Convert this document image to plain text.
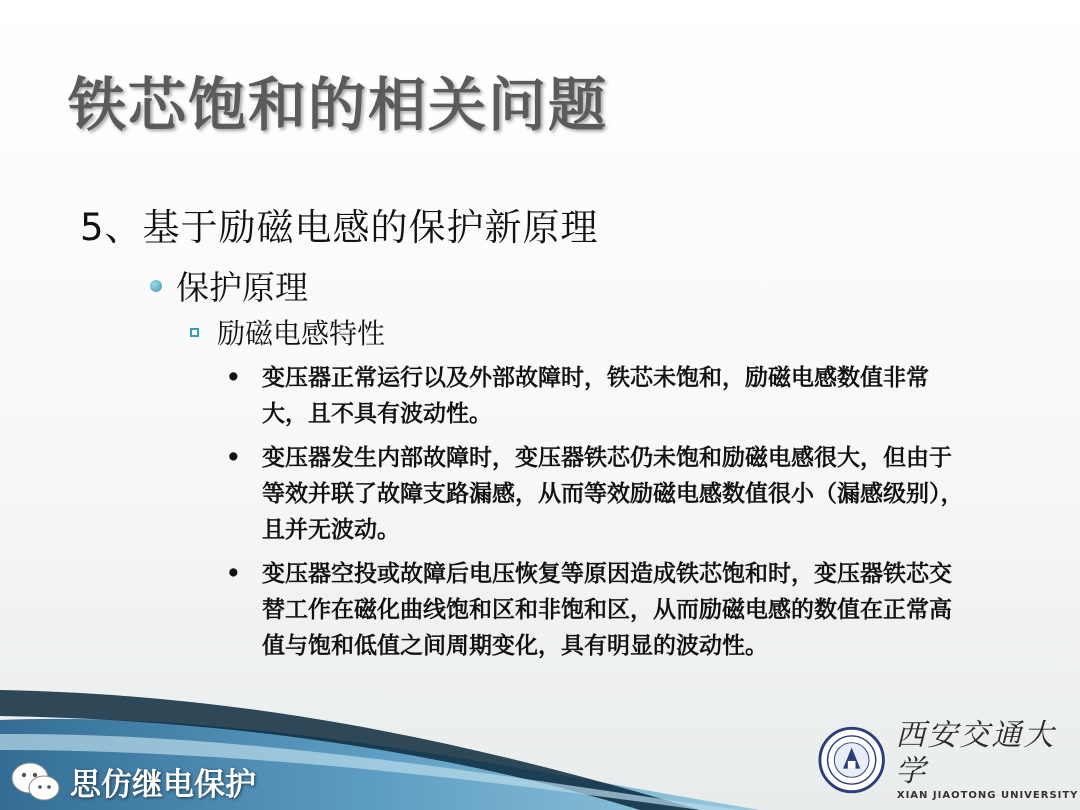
铁芯饱和的相关问题
5、基于励磁电感的保护新原理
保护原理
励磁电感特性
• 变压器正常运行以及外部故障时，铁芯未饱和，励磁电感数值非常大，且不具有波动性。
• 变压器发生内部故障时，变压器铁芯仍未饱和励磁电感很大，但由于等效并联了故障支路漏感，从而等效励磁电感数值很小（漏感级别），且并无波动。
• 变压器空投或故障后电压恢复等原因造成铁芯饱和时，变压器铁芯交替工作在磁化曲线饱和区和非饱和区，从而励磁电感的数值在正常高值与饱和低值之间周期变化，具有明显的波动性。
思仿继电保护
西安交通大学
XIAN JIAOTONG UNIVERSITY
